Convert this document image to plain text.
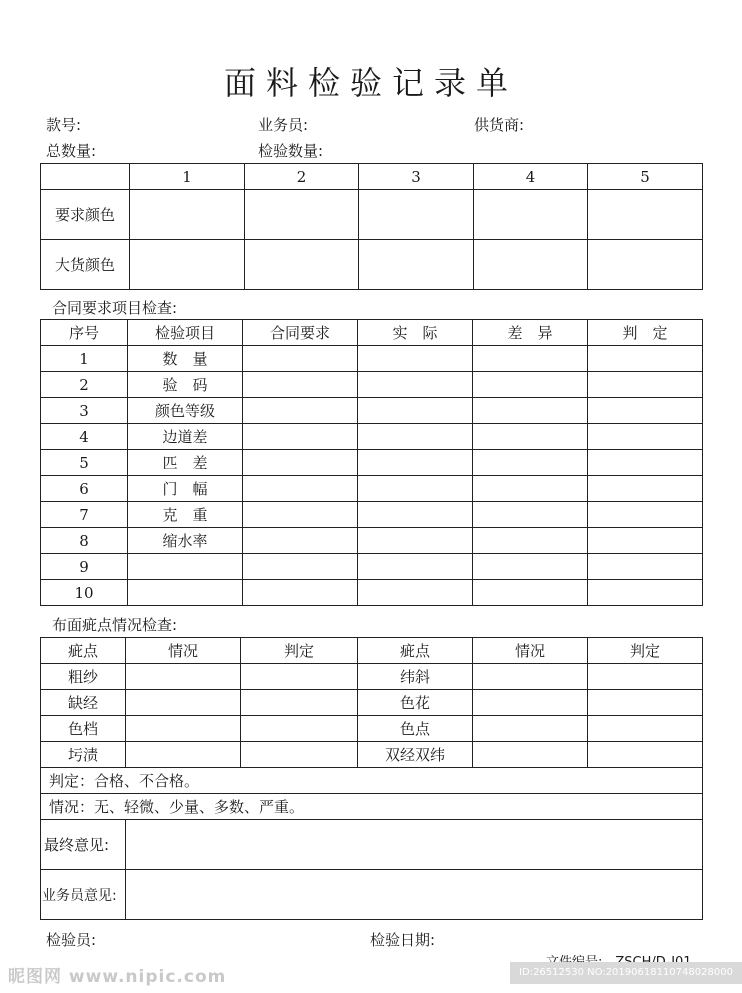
面料检验记录单
款号:	业务员:	供货商:
总数量:	检验数量:
	1	2	3	4	5
要求颜色					
大货颜色					
合同要求项目检查:
序号	检验项目	合同要求	实　际	差　异	判　定
1	数　量				
2	验　码				
3	颜色等级				
4	边道差				
5	匹　差				
6	门　幅				
7	克　重				
8	缩水率				
9					
10					
布面疵点情况检查:
疵点	情况	判定	疵点	情况	判定
粗纱			纬斜		
缺经			色花		
色档			色点		
圬渍			双经双纬		
判定：合格、不合格。					
情况：无、轻微、少量、多数、严重。					
最终意见:					
业务员意见:					
检验员:	检验日期:
昵图网 www.nipic.com	ID:26512530 NO:20190618110748028000
